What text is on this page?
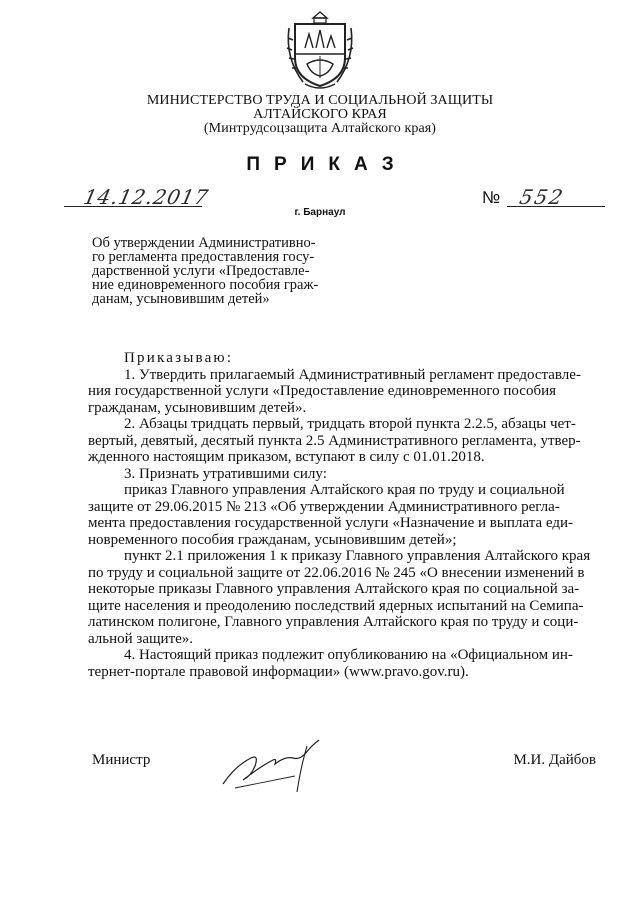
МИНИСТЕРСТВО ТРУДА И СОЦИАЛЬНОЙ ЗАЩИТЫ
АЛТАЙСКОГО КРАЯ
(Минтрудсоцзащита Алтайского края)
ПРИКАЗ
14.12.2017	№ 552
г. Барнаул
Об утверждении Административно-
го регламента предоставления госу-
дарственной услуги «Предоставле-
ние единовременного пособия граж-
данам, усыновившим детей»

Приказываю:

1. Утвердить прилагаемый Административный регламент предоставле-
ния государственной услуги «Предоставление единовременного пособия
гражданам, усыновившим детей».

2. Абзацы тридцать первый, тридцать второй пункта 2.2.5, абзацы чет-
вертый, девятый, десятый пункта 2.5 Административного регламента, утвер-
жденного настоящим приказом, вступают в силу с 01.01.2018.

3. Признать утратившими силу:

приказ Главного управления Алтайского края по труду и социальной
защите от 29.06.2015 № 213 «Об утверждении Административного регла-
мента предоставления государственной услуги «Назначение и выплата еди-
новременного пособия гражданам, усыновившим детей»;

пункт 2.1 приложения 1 к приказу Главного управления Алтайского края
по труду и социальной защите от 22.06.2016 № 245 «О внесении изменений в
некоторые приказы Главного управления Алтайского края по социальной за-
щите населения и преодолению последствий ядерных испытаний на Семипа-
латинском полигоне, Главного управления Алтайского края по труду и соци-
альной защите».

4. Настоящий приказ подлежит опубликованию на «Официальном ин-
тернет-портале правовой информации» (www.pravo.gov.ru).

Министр	М.И. Дайбов
